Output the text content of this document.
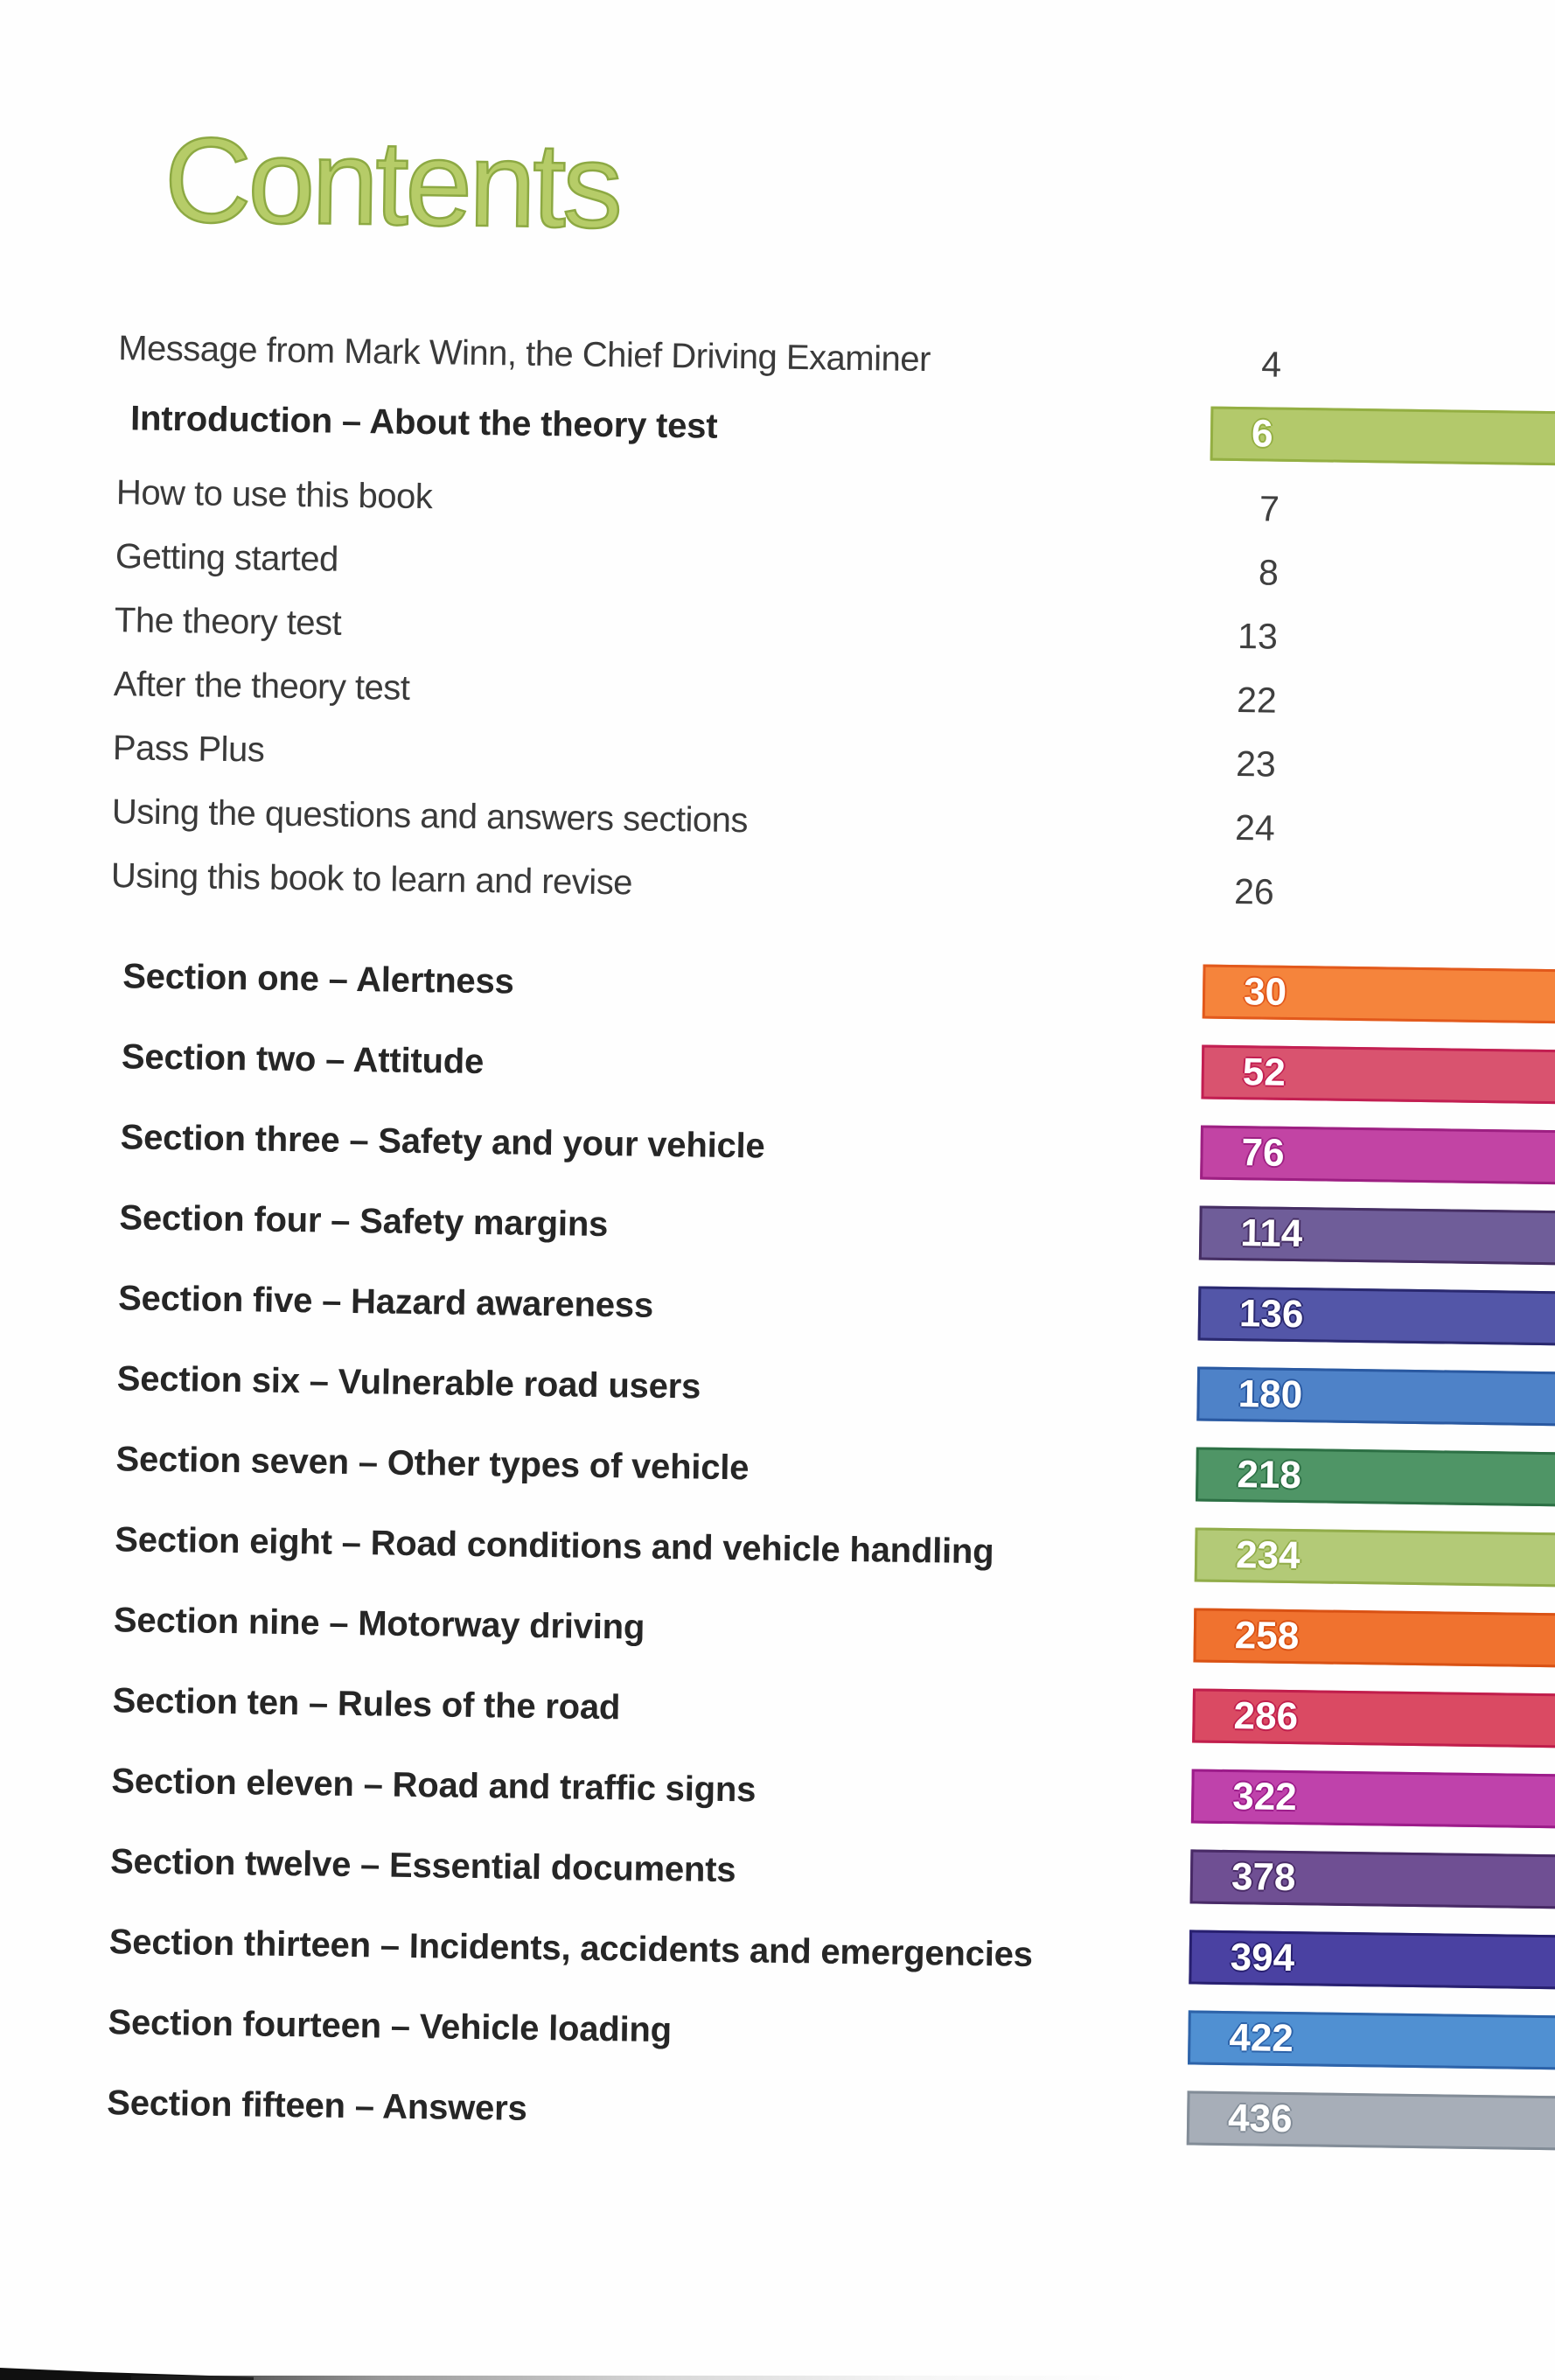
Contents
Message from Mark Winn, the Chief Driving Examiner	4
Introduction – About the theory test	6
How to use this book	7
Getting started	8
The theory test	13
After the theory test	22
Pass Plus	23
Using the questions and answers sections	24
Using this book to learn and revise	26
Section one – Alertness	30
Section two – Attitude	52
Section three – Safety and your vehicle	76
Section four – Safety margins	114
Section five – Hazard awareness	136
Section six – Vulnerable road users	180
Section seven – Other types of vehicle	218
Section eight – Road conditions and vehicle handling	234
Section nine – Motorway driving	258
Section ten – Rules of the road	286
Section eleven – Road and traffic signs	322
Section twelve – Essential documents	378
Section thirteen – Incidents, accidents and emergencies	394
Section fourteen – Vehicle loading	422
Section fifteen – Answers	436
